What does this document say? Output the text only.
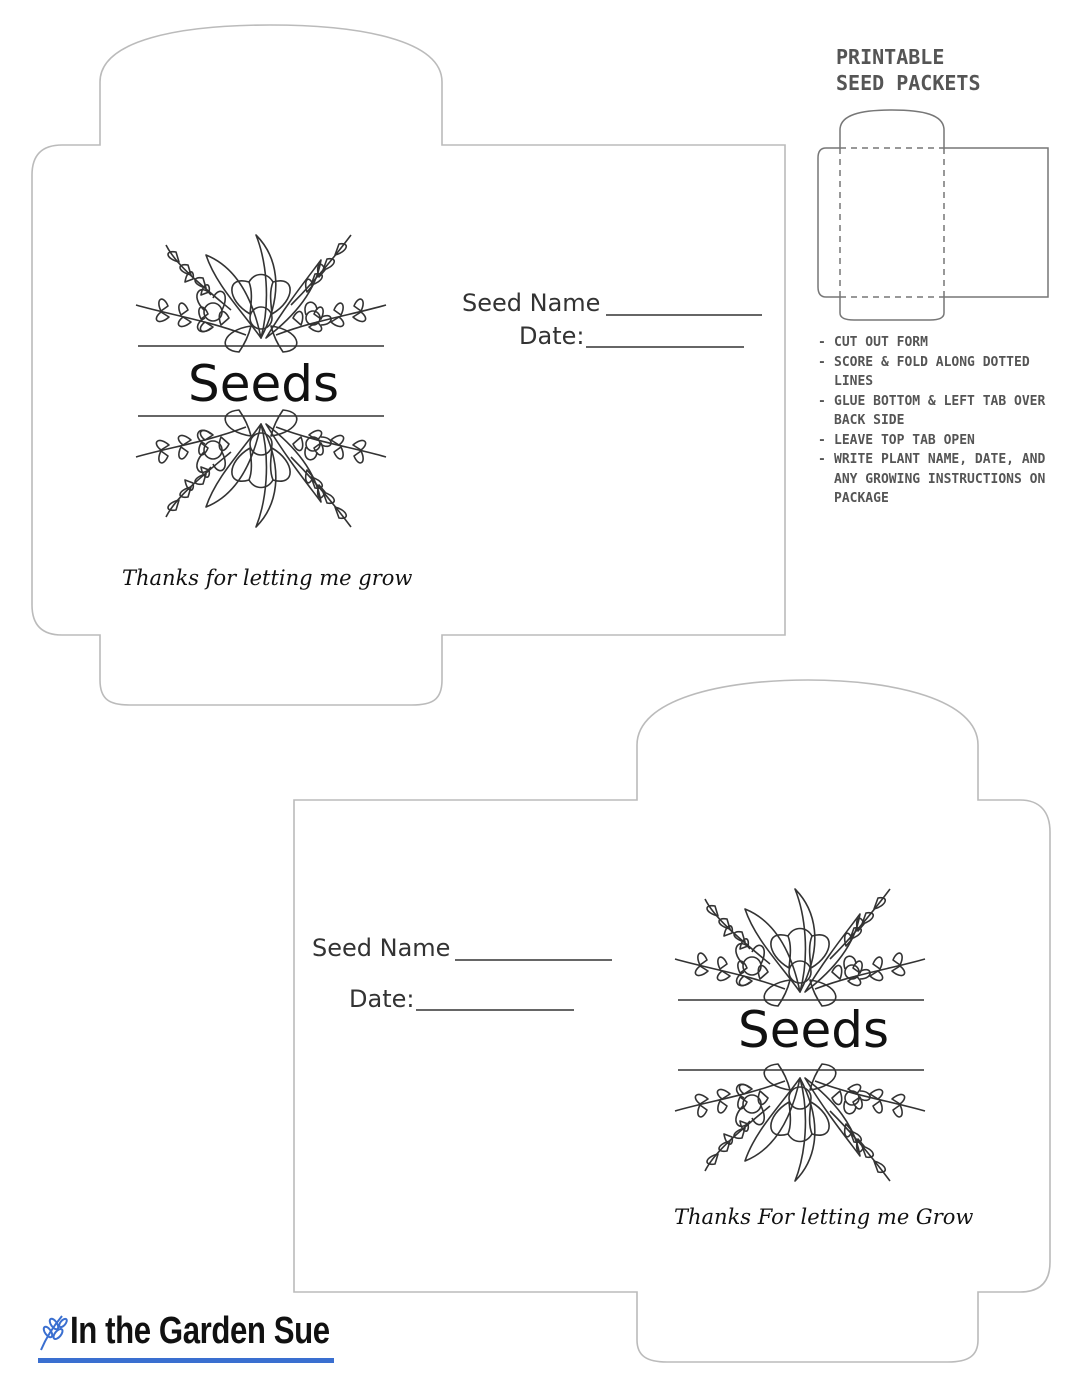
PRINTABLE
SEED PACKETS
- CUT OUT FORM
- SCORE & FOLD ALONG DOTTED LINES
- GLUE BOTTOM & LEFT TAB OVER BACK SIDE
- LEAVE TOP TAB OPEN
- WRITE PLANT NAME, DATE, AND ANY GROWING INSTRUCTIONS ON PACKAGE
Seeds
Seed Name
Date:
Thanks for letting me grow
Seeds
Seed Name
Date:
Thanks For letting me Grow
In the Garden Sue
